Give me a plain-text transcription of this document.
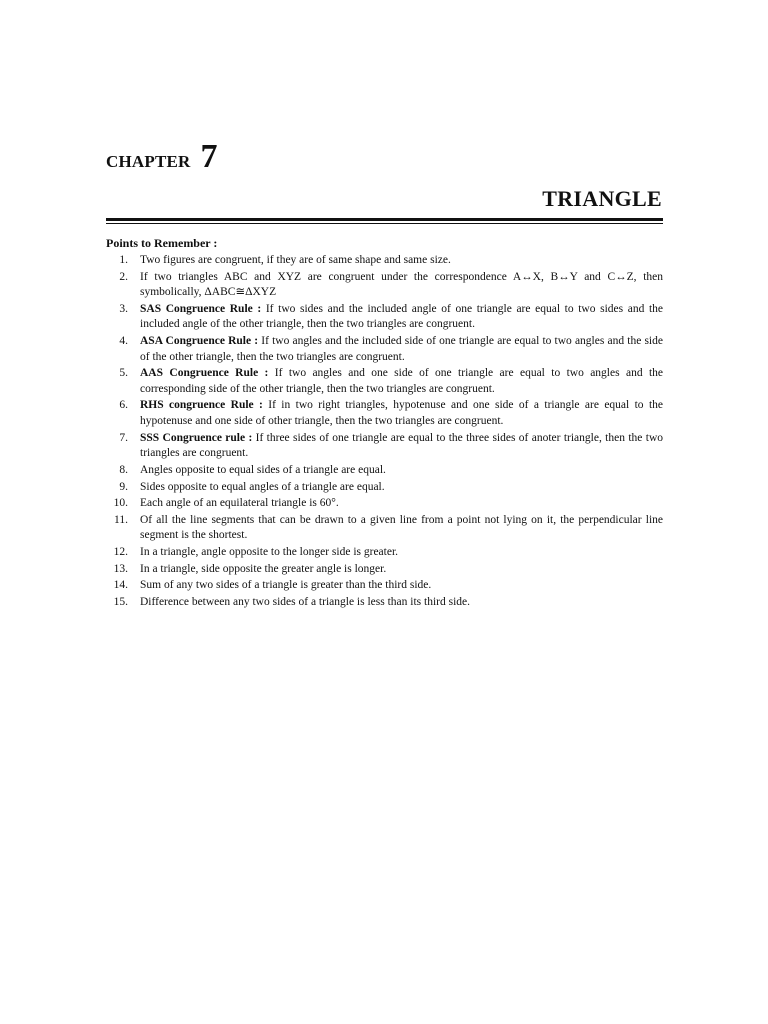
CHAPTER 7
TRIANGLE
Points to Remember :
1.	Two figures are congruent, if they are of same shape and same size.
2.	If two triangles ABC and XYZ are congruent under the correspondence A↔X, B↔Y and C↔Z, then symbolically, ΔABC≅ΔXYZ
3.	SAS Congruence Rule : If two sides and the included angle of one triangle are equal to two sides and the included angle of the other triangle, then the two triangles are congruent.
4.	ASA Congruence Rule : If two angles and the included side of one triangle are equal to two angles and the side of the other triangle, then the two triangles are congruent.
5.	AAS Congruence Rule : If two angles and one side of one triangle are equal to two angles and the corresponding side of the other triangle, then the two triangles are congruent.
6.	RHS congruence Rule : If in two right triangles, hypotenuse and one side of a triangle are equal to the hypotenuse and one side of other triangle, then the two triangles are congruent.
7.	SSS Congruence rule : If three sides of one triangle are equal to the three sides of anoter triangle, then the two triangles are congruent.
8.	Angles opposite to equal sides of a triangle are equal.
9.	Sides opposite to equal angles of a triangle are equal.
10.	Each angle of an equilateral triangle is 60°.
11.	Of all the line segments that can be drawn to a given line from a point not lying on it, the perpendicular line segment is the shortest.
12.	In a triangle, angle opposite to the longer side is greater.
13.	In a triangle, side opposite the greater angle is longer.
14.	Sum of any two sides of a triangle is greater than the third side.
15.	Difference between any two sides of a triangle is less than its third side.
